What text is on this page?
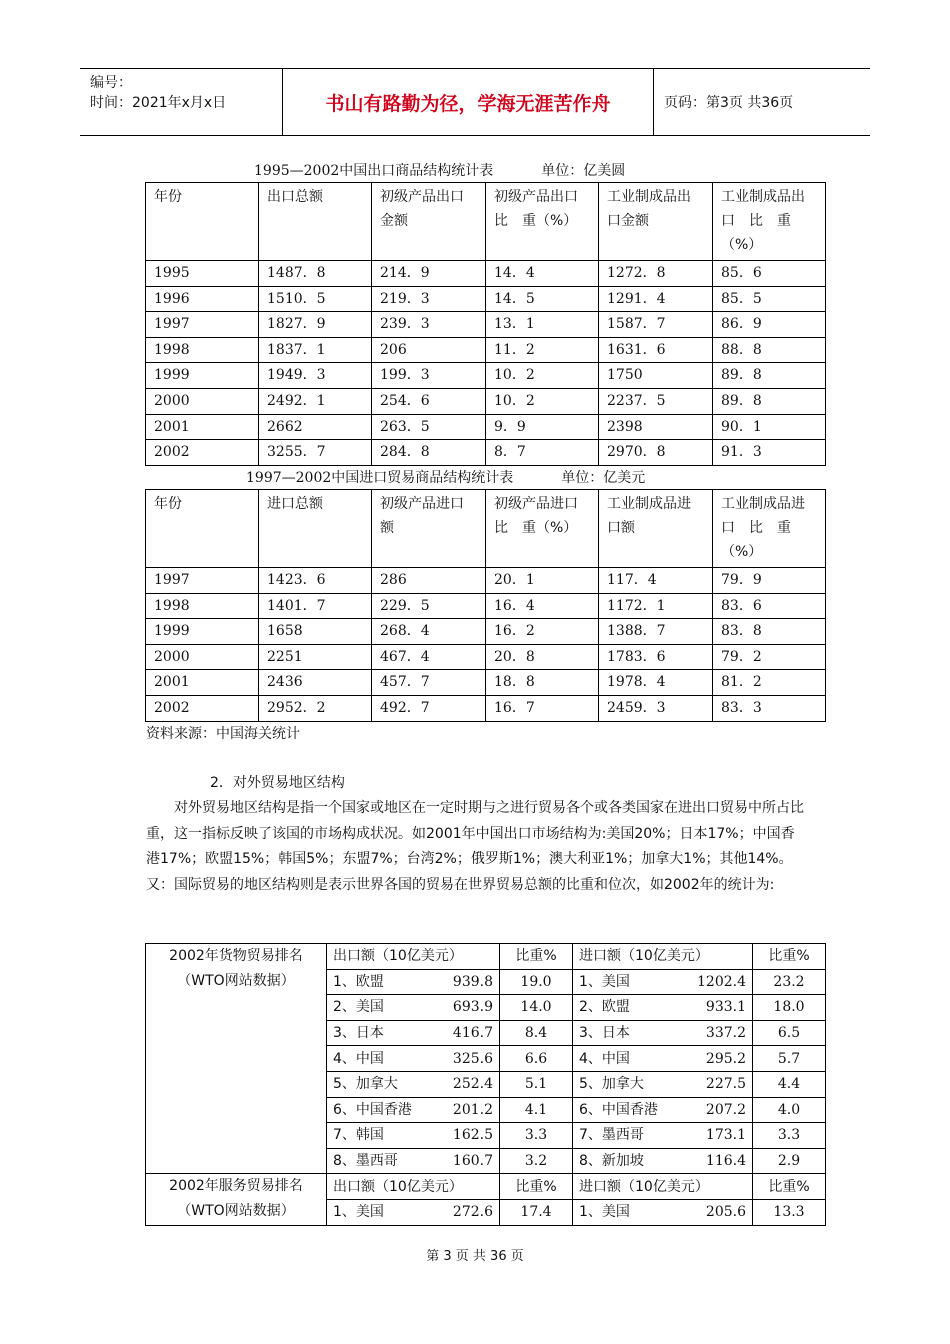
编号：
时间：2021年x月x日	书山有路勤为径，学海无涯苦作舟	页码：第3页 共36页
1995—2002中国出口商品结构统计表	单位：亿美圆
年份	出口总额	初级产品出口金额	初级产品出口　比　重（%）	工业制成品出口金额	工业制成品出　口　比　重（%）
1995	1487．8	214．9	14．4	1272．8	85．6
1996	1510．5	219．3	14．5	1291．4	85．5
1997	1827．9	239．3	13．1	1587．7	86．9
1998	1837．1	206	11．2	1631．6	88．8
1999	1949．3	199．3	10．2	1750	89．8
2000	2492．1	254．6	10．2	2237．5	89．8
2001	2662	263．5	9．9	2398	90．1
2002	3255．7	284．8	8．7	2970．8	91．3
1997—2002中国进口贸易商品结构统计表	单位：亿美元
年份	进口总额	初级产品进口额	初级产品进口　比　重（%）	工业制成品进口额	工业制成品进　口　比　重（%）
1997	1423．6	286	20．1	117．4	79．9
1998	1401．7	229．5	16．4	1172．1	83．6
1999	1658	268．4	16．2	1388．7	83．8
2000	2251	467．4	20．8	1783．6	79．2
2001	2436	457．7	18．8	1978．4	81．2
2002	2952．2	492．7	16．7	2459．3	83．3
资料来源：中国海关统计
2．对外贸易地区结构
对外贸易地区结构是指一个国家或地区在一定时期与之进行贸易各个或各类国家在进出口贸易中所占比重，这一指标反映了该国的市场构成状况。如2001年中国出口市场结构为:美国20%；日本17%；中国香港17%；欧盟15%；韩国5%；东盟7%；台湾2%；俄罗斯1%；澳大利亚1%；加拿大1%；其他14%。又：国际贸易的地区结构则是表示世界各国的贸易在世界贸易总额的比重和位次，如2002年的统计为:
2002年货物贸易排名（WTO网站数据）	出口额（10亿美元）	比重%	进口额（10亿美元）	比重%

	1、欧盟 939.8	19.0	1、美国 1202.4	23.2

	2、美国 693.9	14.0	2、欧盟 933.1	18.0

	3、日本 416.7	8.4	3、日本 337.2	6.5

	4、中国 325.6	6.6	4、中国 295.2	5.7

	5、加拿大 252.4	5.1	5、加拿大 227.5	4.4

	6、中国香港 201.2	4.1	6、中国香港 207.2	4.0

	7、韩国 162.5	3.3	7、墨西哥 173.1	3.3

	8、墨西哥 160.7	3.2	8、新加坡 116.4	2.9
2002年服务贸易排名（WTO网站数据）	出口额（10亿美元）	比重%	进口额（10亿美元）	比重%

	1、美国 272.6	17.4	1、美国 205.6	13.3
第 3 页 共 36 页
